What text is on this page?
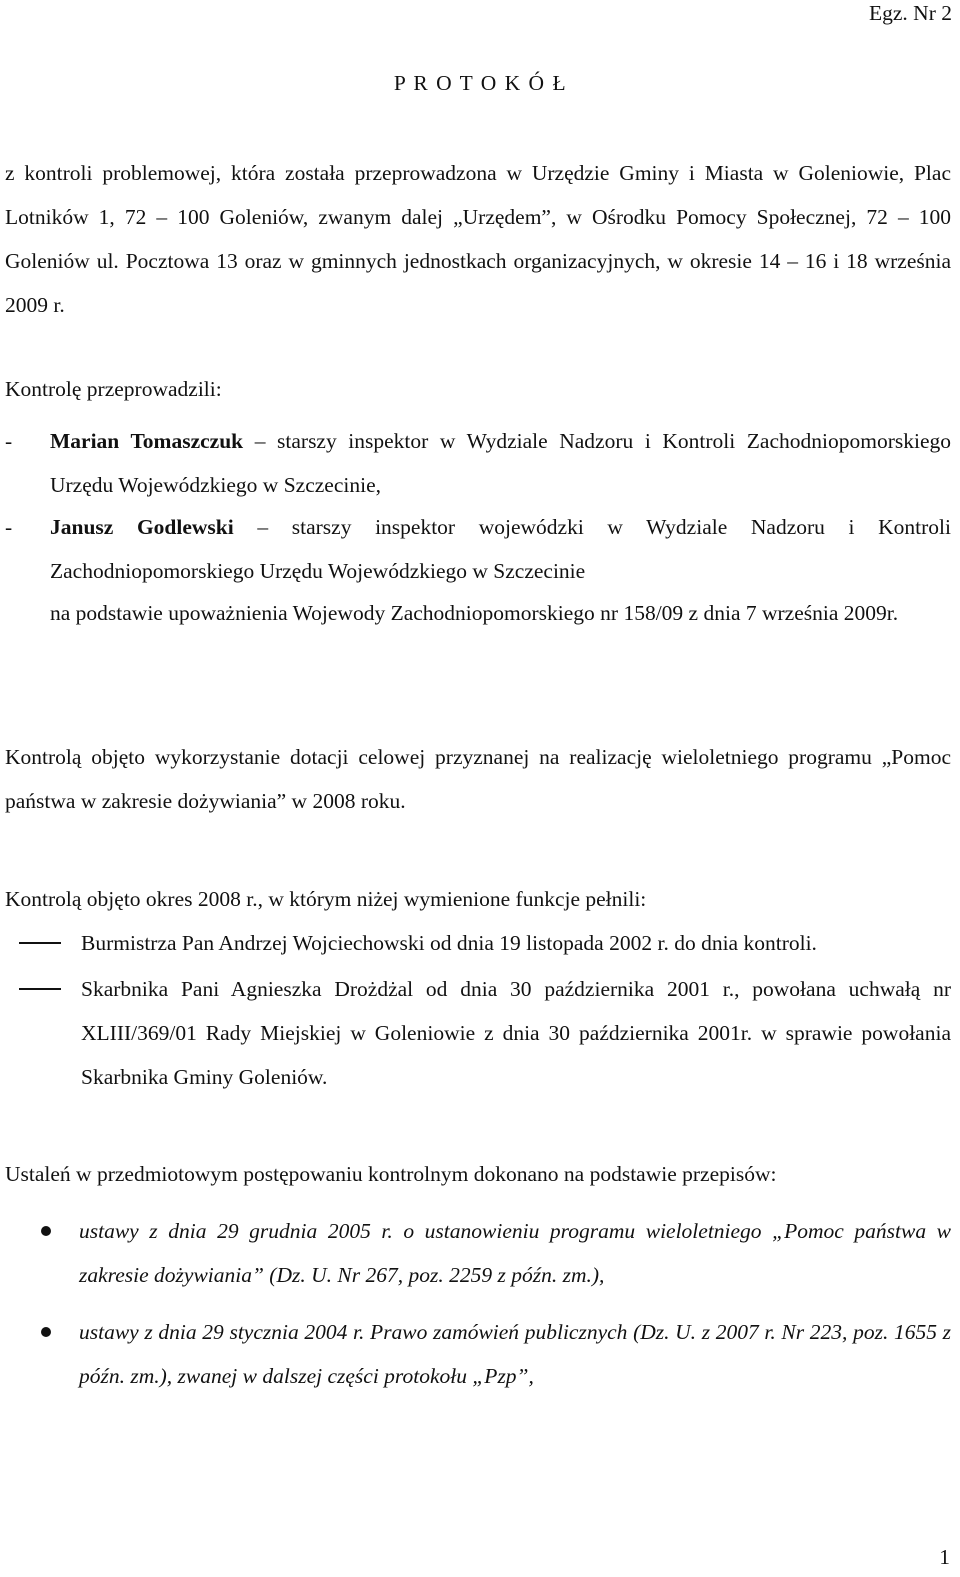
Egz. Nr 2
P R O T O K Ó Ł
z kontroli problemowej, która została przeprowadzona w Urzędzie Gminy i Miasta w Goleniowie, Plac Lotników 1, 72 – 100 Goleniów, zwanym dalej „Urzędem”, w Ośrodku Pomocy Społecznej, 72 – 100 Goleniów ul. Pocztowa 13 oraz w gminnych jednostkach organizacyjnych, w okresie 14 – 16 i 18 września 2009 r.
Kontrolę przeprowadzili:
- Marian Tomaszczuk – starszy inspektor w Wydziale Nadzoru i Kontroli Zachodniopomorskiego Urzędu Wojewódzkiego w Szczecinie,
- Janusz Godlewski – starszy inspektor wojewódzki w Wydziale Nadzoru i Kontroli Zachodniopomorskiego Urzędu Wojewódzkiego w Szczecinie
na podstawie upoważnienia Wojewody Zachodniopomorskiego nr 158/09 z dnia 7 września 2009r.
Kontrolą objęto wykorzystanie dotacji celowej przyznanej na realizację wieloletniego programu „Pomoc państwa w zakresie dożywiania” w 2008 roku.
Kontrolą objęto okres 2008 r., w którym niżej wymienione funkcje pełnili:
Burmistrza Pan Andrzej Wojciechowski od dnia 19 listopada 2002 r. do dnia kontroli.
Skarbnika Pani Agnieszka Drożdżal od dnia 30 października 2001 r., powołana uchwałą nr XLIII/369/01 Rady Miejskiej w Goleniowie z dnia 30 października 2001r. w sprawie powołania Skarbnika Gminy Goleniów.
Ustaleń w przedmiotowym postępowaniu kontrolnym dokonano na podstawie przepisów:
ustawy z dnia 29 grudnia 2005 r. o ustanowieniu programu wieloletniego „Pomoc państwa w zakresie dożywiania” (Dz. U. Nr 267, poz. 2259 z późn. zm.),
ustawy z dnia 29 stycznia 2004 r. Prawo zamówień publicznych (Dz. U. z 2007 r. Nr 223, poz. 1655 z późn. zm.), zwanej w dalszej części protokołu „Pzp”,
1
